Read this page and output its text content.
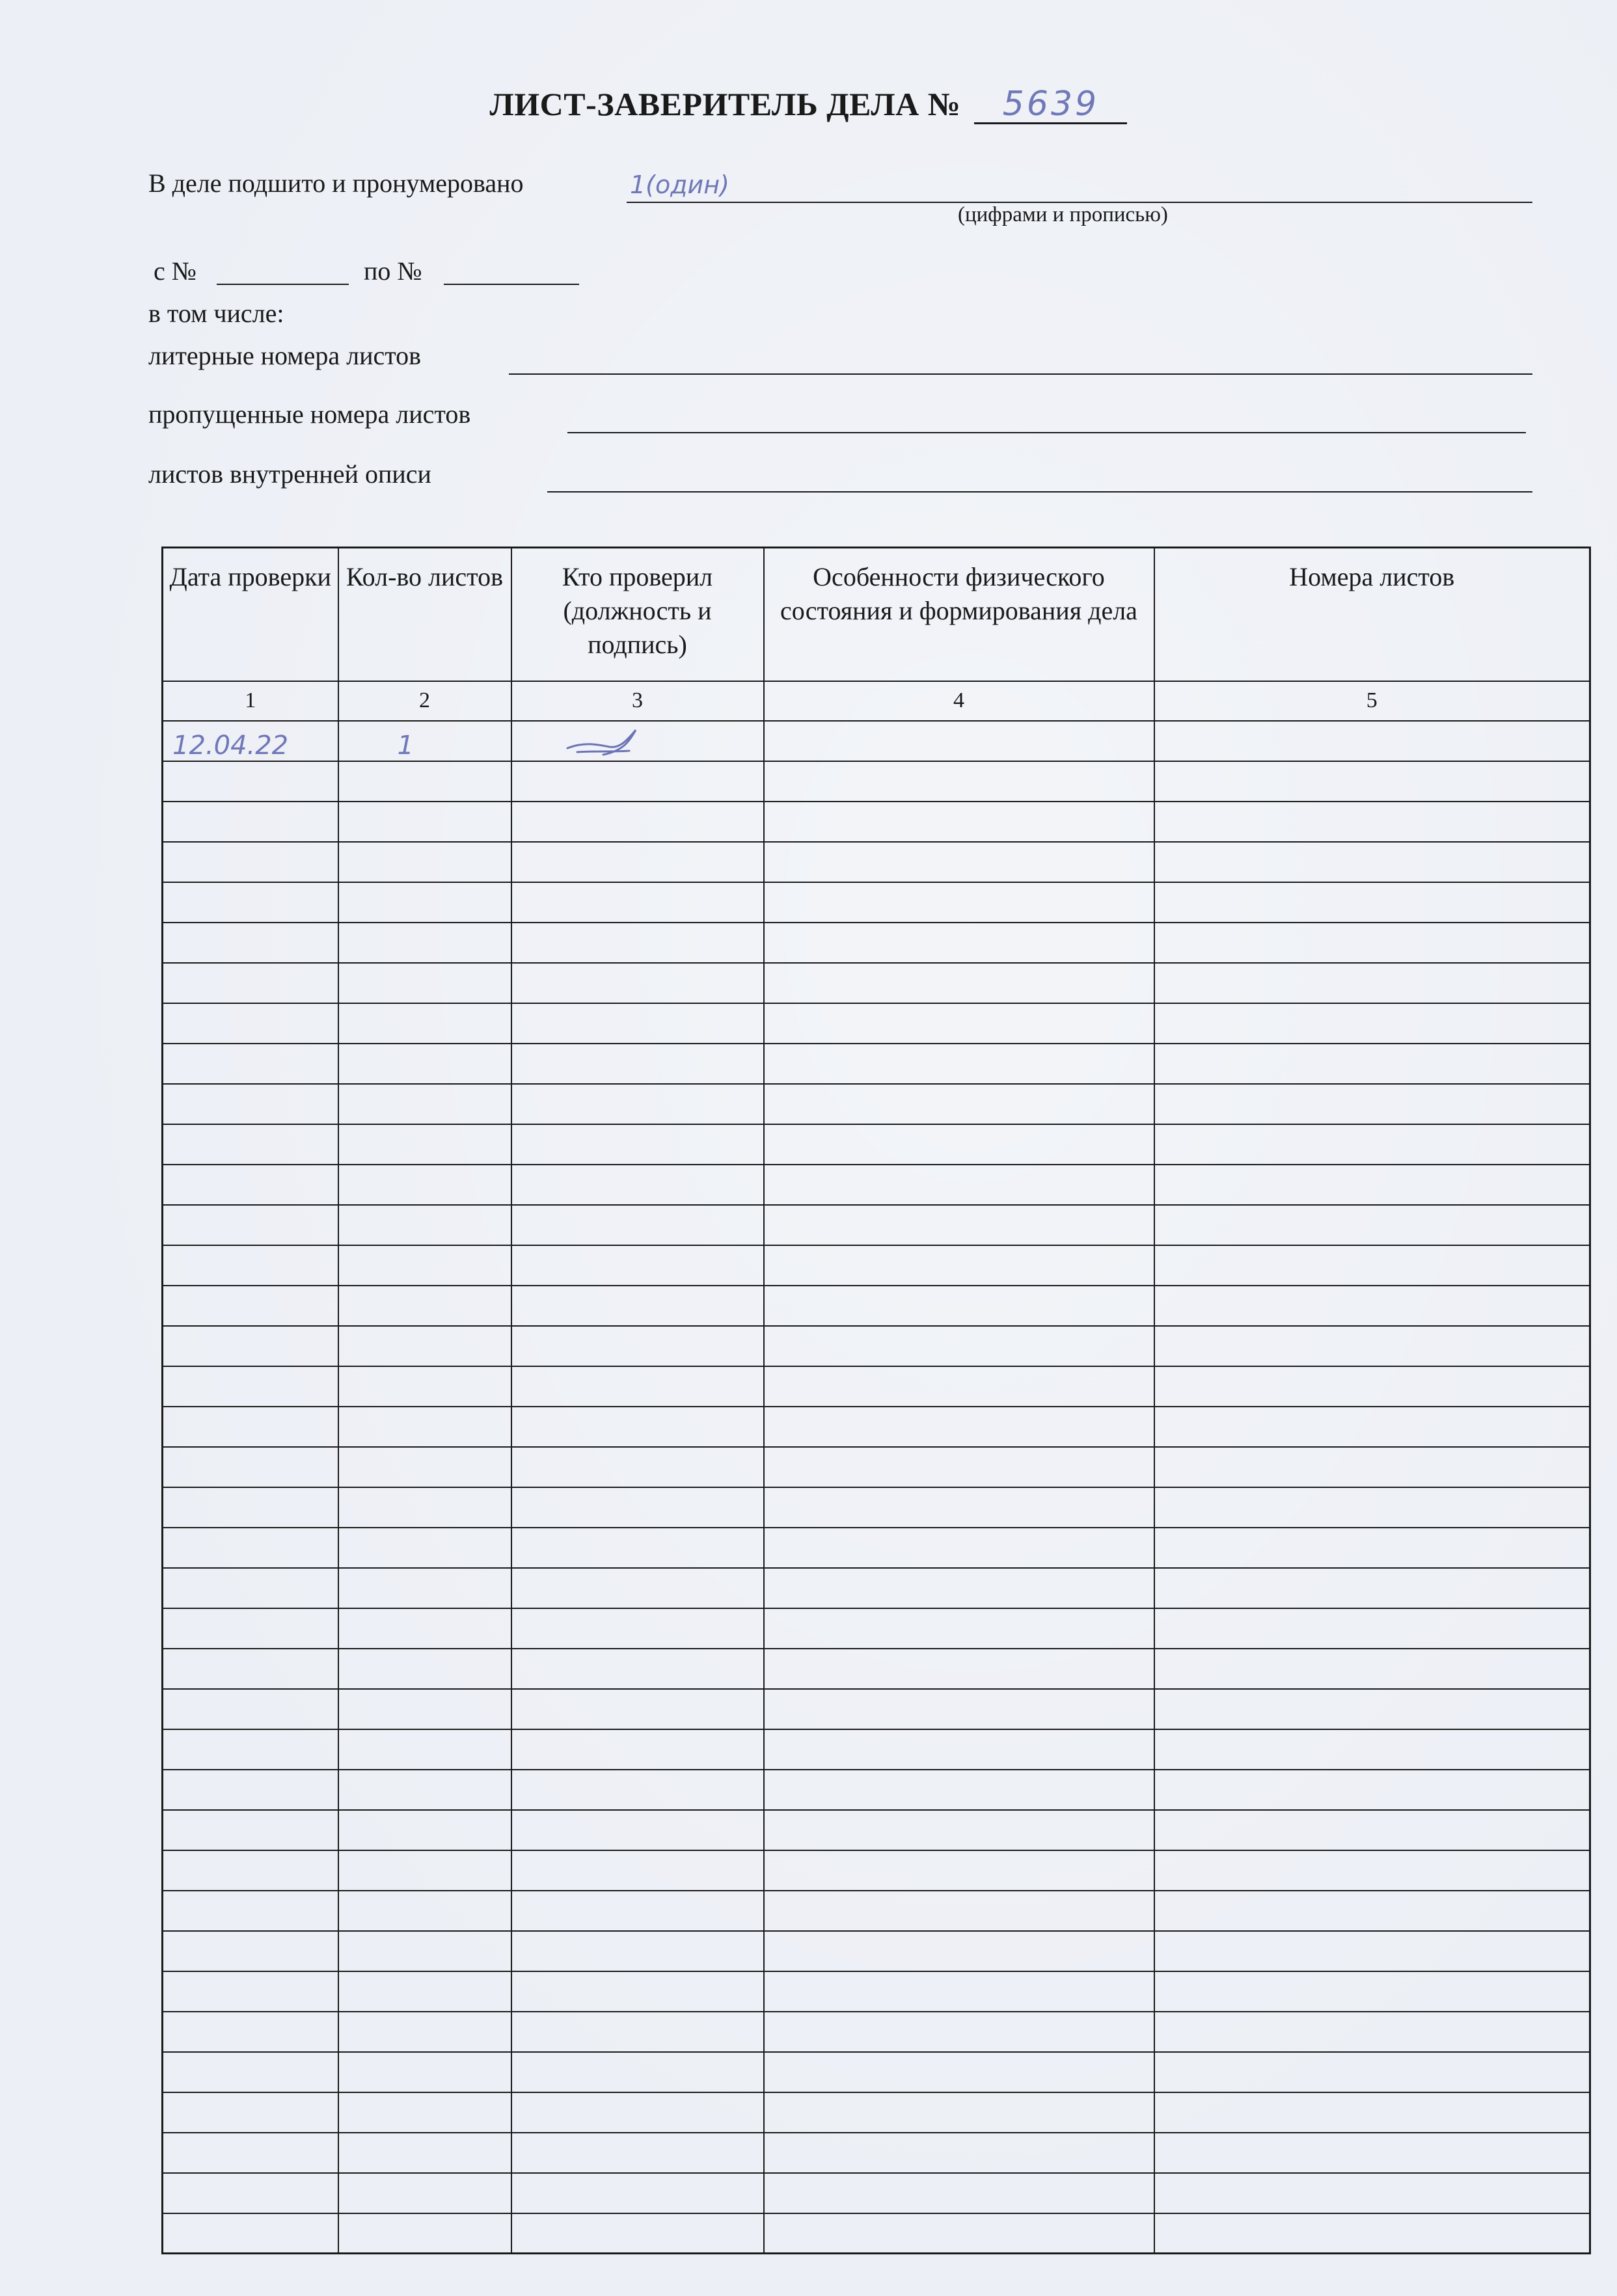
ЛИСТ-ЗАВЕРИТЕЛЬ ДЕЛА № 5639
В деле подшито и пронумеровано	1(один)
(цифрами и прописью)
с №	по №
в том числе:
литерные номера листов
пропущенные номера листов
листов внутренней описи
Дата проверки	Кол-во листов	Кто проверил (должность и подпись)	Особенности физического состояния и формирования дела	Номера листов
1	2	3	4	5
12.04.22	1	
